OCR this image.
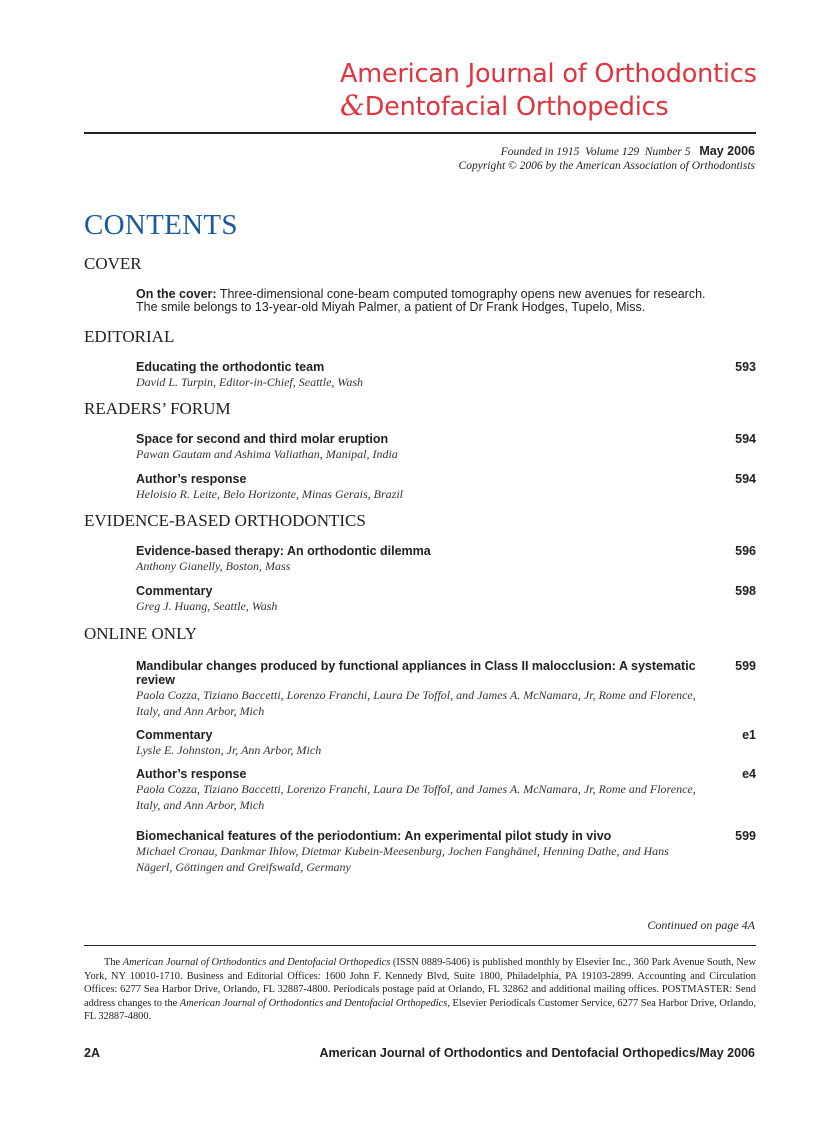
American Journal of Orthodontics
&Dentofacial Orthopedics
Founded in 1915 Volume 129 Number 5 May 2006
Copyright © 2006 by the American Association of Orthodontists
CONTENTS
COVER
On the cover: Three-dimensional cone-beam computed tomography opens new avenues for research. The smile belongs to 13-year-old Miyah Palmer, a patient of Dr Frank Hodges, Tupelo, Miss.
EDITORIAL
Educating the orthodontic team
David L. Turpin, Editor-in-Chief, Seattle, Wash
593
READERS’ FORUM
Space for second and third molar eruption
Pawan Gautam and Ashima Valiathan, Manipal, India
594
Author’s response
Heloisio R. Leite, Belo Horizonte, Minas Gerais, Brazil
594
EVIDENCE-BASED ORTHODONTICS
Evidence-based therapy: An orthodontic dilemma
Anthony Gianelly, Boston, Mass
596
Commentary
Greg J. Huang, Seattle, Wash
598
ONLINE ONLY
Mandibular changes produced by functional appliances in Class II malocclusion: A systematic review
Paola Cozza, Tiziano Baccetti, Lorenzo Franchi, Laura De Toffol, and James A. McNamara, Jr, Rome and Florence, Italy, and Ann Arbor, Mich
599
Commentary
Lysle E. Johnston, Jr, Ann Arbor, Mich
e1
Author’s response
Paola Cozza, Tiziano Baccetti, Lorenzo Franchi, Laura De Toffol, and James A. McNamara, Jr, Rome and Florence, Italy, and Ann Arbor, Mich
e4
Biomechanical features of the periodontium: An experimental pilot study in vivo
Michael Cronau, Dankmar Ihlow, Dietmar Kubein-Meesenburg, Jochen Fanghänel, Henning Dathe, and Hans Nägerl, Göttingen and Greifswald, Germany
599
Continued on page 4A
The American Journal of Orthodontics and Dentofacial Orthopedics (ISSN 0889-5406) is published monthly by Elsevier Inc., 360 Park Avenue South, New York, NY 10010-1710. Business and Editorial Offices: 1600 John F. Kennedy Blvd, Suite 1800, Philadelphia, PA 19103-2899. Accounting and Circulation Offices: 6277 Sea Harbor Drive, Orlando, FL 32887-4800. Periodicals postage paid at Orlando, FL 32862 and additional mailing offices. POSTMASTER: Send address changes to the American Journal of Orthodontics and Dentofacial Orthopedics, Elsevier Periodicals Customer Service, 6277 Sea Harbor Drive, Orlando, FL 32887-4800.
2A	American Journal of Orthodontics and Dentofacial Orthopedics/May 2006
